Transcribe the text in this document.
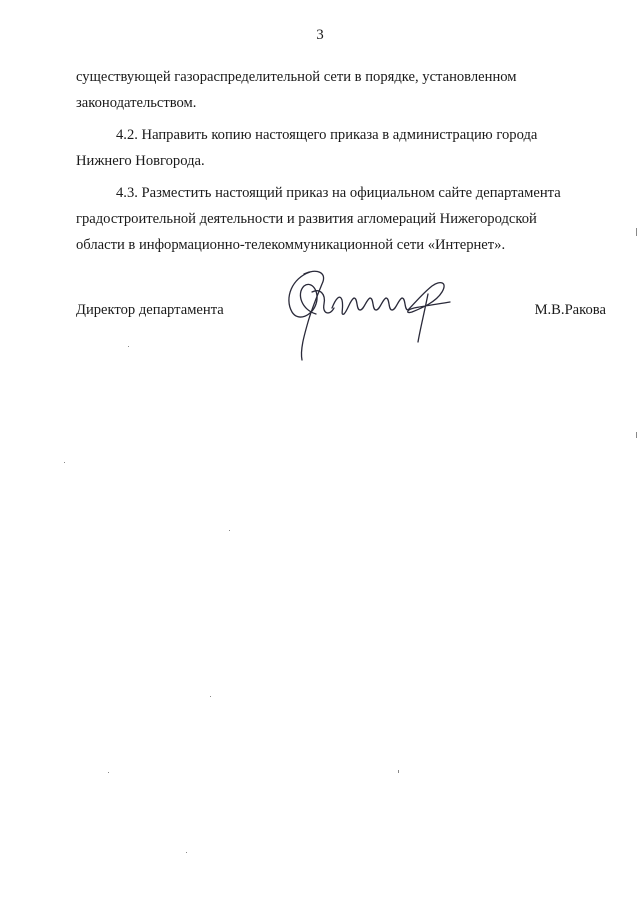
3

существующей газораспределительной сети в порядке, установленном

законодательством.

4.2. Направить копию настоящего приказа в администрацию города

Нижнего Новгорода.

4.3. Разместить настоящий приказ на официальном сайте департамента

градостроительной деятельности и развития агломераций Нижегородской

области в информационно-телекоммуникационной сети «Интернет».

Директор департамента	М.В.Ракова
